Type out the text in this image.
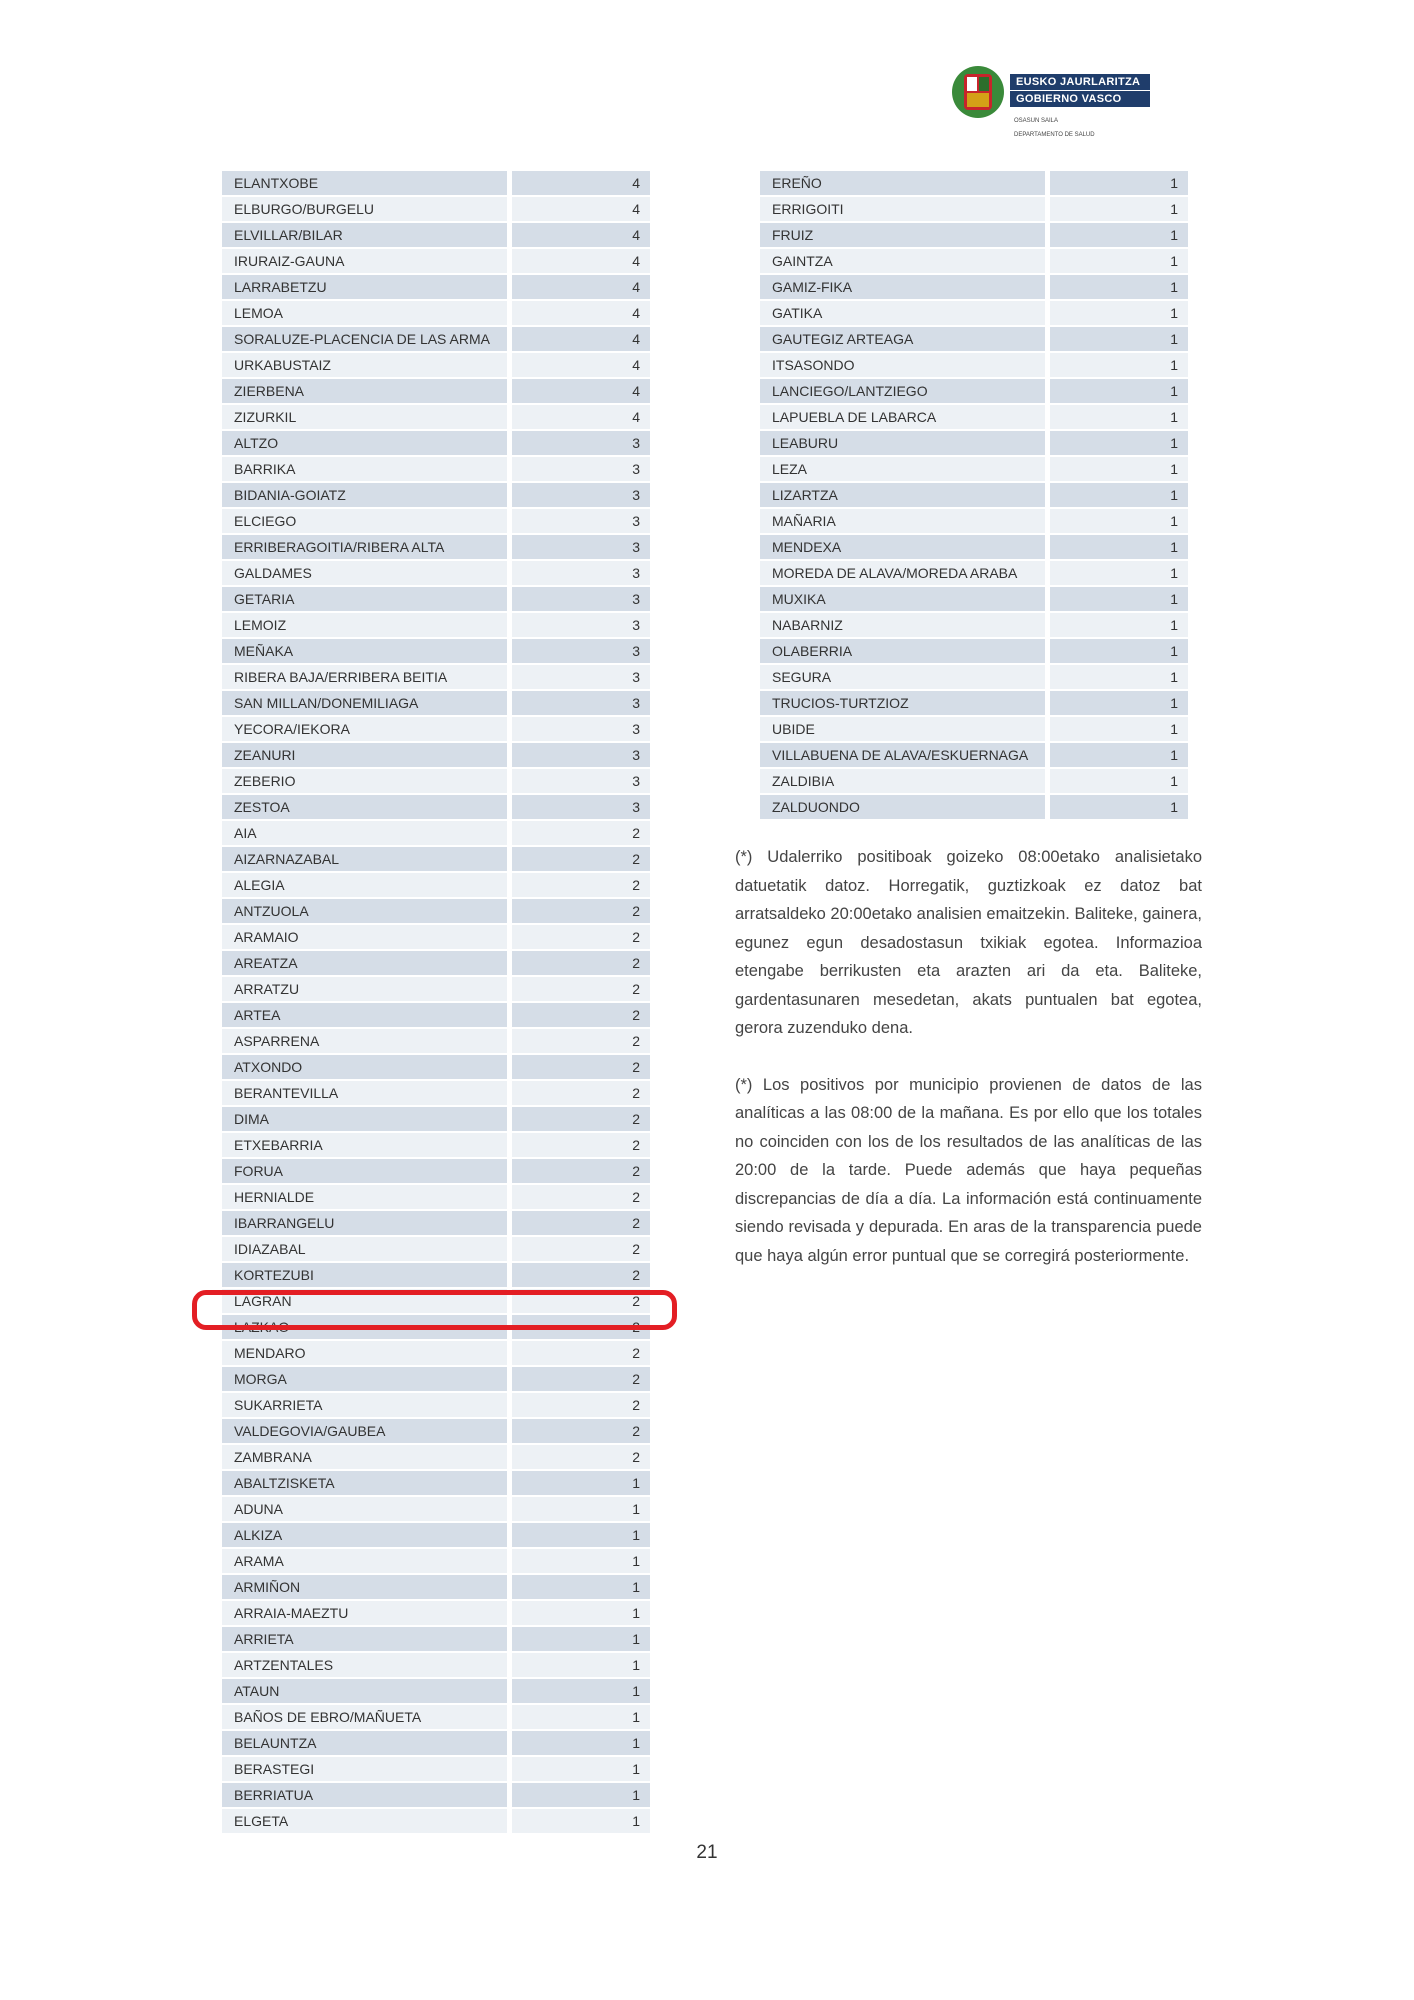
EUSKO JAURLARITZA
GOBIERNO VASCO
OSASUN SAILA
DEPARTAMENTO DE SALUD
ELANTXOBE	4
ELBURGO/BURGELU	4
ELVILLAR/BILAR	4
IRURAIZ-GAUNA	4
LARRABETZU	4
LEMOA	4
SORALUZE-PLACENCIA DE LAS ARMA	4
URKABUSTAIZ	4
ZIERBENA	4
ZIZURKIL	4
ALTZO	3
BARRIKA	3
BIDANIA-GOIATZ	3
ELCIEGO	3
ERRIBERAGOITIA/RIBERA ALTA	3
GALDAMES	3
GETARIA	3
LEMOIZ	3
MEÑAKA	3
RIBERA BAJA/ERRIBERA BEITIA	3
SAN MILLAN/DONEMILIAGA	3
YECORA/IEKORA	3
ZEANURI	3
ZEBERIO	3
ZESTOA	3
AIA	2
AIZARNAZABAL	2
ALEGIA	2
ANTZUOLA	2
ARAMAIO	2
AREATZA	2
ARRATZU	2
ARTEA	2
ASPARRENA	2
ATXONDO	2
BERANTEVILLA	2
DIMA	2
ETXEBARRIA	2
FORUA	2
HERNIALDE	2
IBARRANGELU	2
IDIAZABAL	2
KORTEZUBI	2
LAGRAN	2
LAZKAO	2
MENDARO	2
MORGA	2
SUKARRIETA	2
VALDEGOVIA/GAUBEA	2
ZAMBRANA	2
ABALTZISKETA	1
ADUNA	1
ALKIZA	1
ARAMA	1
ARMIÑON	1
ARRAIA-MAEZTU	1
ARRIETA	1
ARTZENTALES	1
ATAUN	1
BAÑOS DE EBRO/MAÑUETA	1
BELAUNTZA	1
BERASTEGI	1
BERRIATUA	1
ELGETA	1
EREÑO	1
ERRIGOITI	1
FRUIZ	1
GAINTZA	1
GAMIZ-FIKA	1
GATIKA	1
GAUTEGIZ ARTEAGA	1
ITSASONDO	1
LANCIEGO/LANTZIEGO	1
LAPUEBLA DE LABARCA	1
LEABURU	1
LEZA	1
LIZARTZA	1
MAÑARIA	1
MENDEXA	1
MOREDA DE ALAVA/MOREDA ARABA	1
MUXIKA	1
NABARNIZ	1
OLABERRIA	1
SEGURA	1
TRUCIOS-TURTZIOZ	1
UBIDE	1
VILLABUENA DE ALAVA/ESKUERNAGA	1
ZALDIBIA	1
ZALDUONDO	1

(*) Udalerriko positiboak goizeko 08:00etako analisietako datuetatik datoz. Horregatik, guztizkoak ez datoz bat arratsaldeko 20:00etako analisien emaitzekin. Baliteke, gainera, egunez egun desadostasun txikiak egotea. Informazioa etengabe berrikusten eta arazten ari da eta. Baliteke, gardentasunaren mesedetan, akats puntualen bat egotea, gerora zuzenduko dena.

(*) Los positivos por municipio provienen de datos de las analíticas a las 08:00 de la mañana. Es por ello que los totales no coinciden con los de los resultados de las analíticas de las 20:00 de la tarde. Puede además que haya pequeñas discrepancias de día a día. La información está continuamente siendo revisada y depurada. En aras de la transparencia puede que haya algún error puntual que se corregirá posteriormente.

21
